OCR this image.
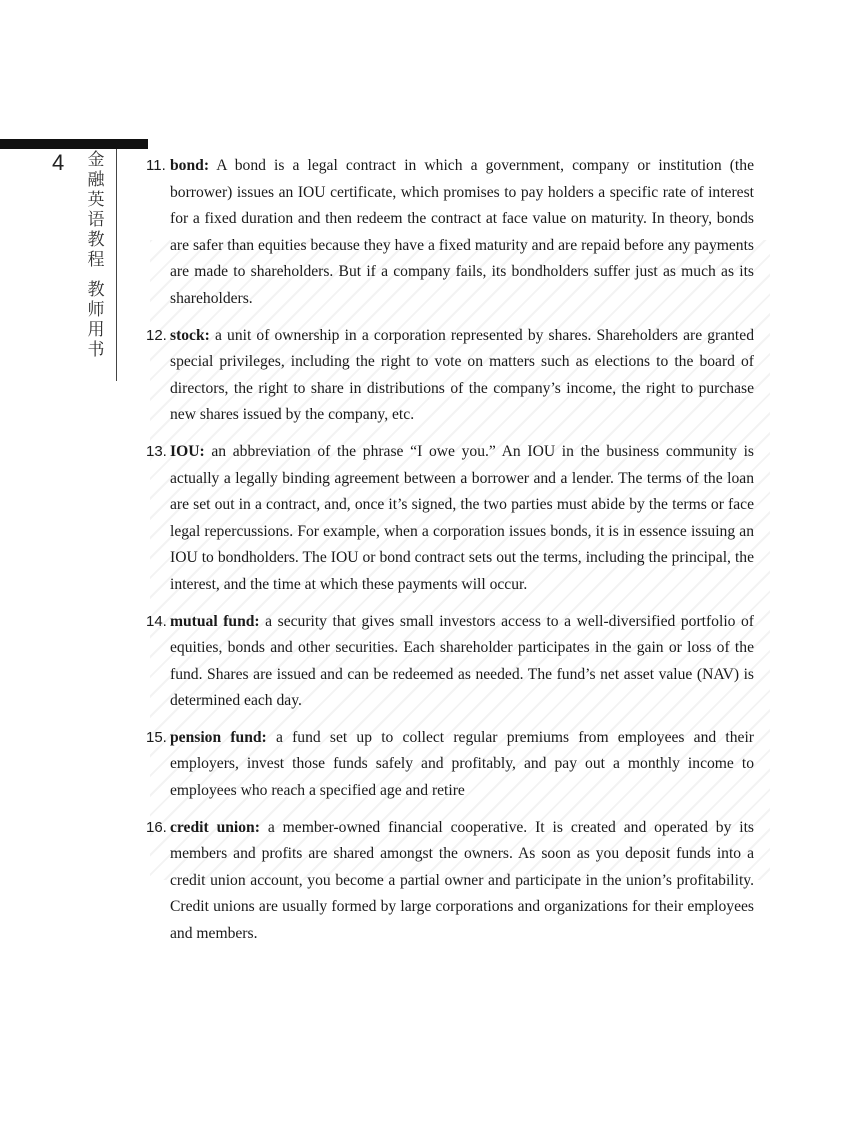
4 金融英语教程
教师用书
11. bond: A bond is a legal contract in which a government, company or institution (the borrower) issues an IOU certificate, which promises to pay holders a specific rate of interest for a fixed duration and then redeem the contract at face value on maturity. In theory, bonds are safer than equities because they have a fixed maturity and are repaid before any payments are made to shareholders. But if a company fails, its bondholders suffer just as much as its shareholders.
12. stock: a unit of ownership in a corporation represented by shares. Shareholders are granted special privileges, including the right to vote on matters such as elections to the board of directors, the right to share in distributions of the company’s income, the right to purchase new shares issued by the company, etc.
13. IOU: an abbreviation of the phrase “I owe you.” An IOU in the business community is actually a legally binding agreement between a borrower and a lender. The terms of the loan are set out in a contract, and, once it’s signed, the two parties must abide by the terms or face legal repercussions. For example, when a corporation issues bonds, it is in essence issuing an IOU to bondholders. The IOU or bond contract sets out the terms, including the principal, the interest, and the time at which these payments will occur.
14. mutual fund: a security that gives small investors access to a well-diversified portfolio of equities, bonds and other securities. Each shareholder participates in the gain or loss of the fund. Shares are issued and can be redeemed as needed. The fund’s net asset value (NAV) is determined each day.
15. pension fund: a fund set up to collect regular premiums from employees and their employers, invest those funds safely and profitably, and pay out a monthly income to employees who reach a specified age and retire
16. credit union: a member-owned financial cooperative. It is created and operated by its members and profits are shared amongst the owners. As soon as you deposit funds into a credit union account, you become a partial owner and participate in the union’s profitability. Credit unions are usually formed by large corporations and organizations for their employees and members.
